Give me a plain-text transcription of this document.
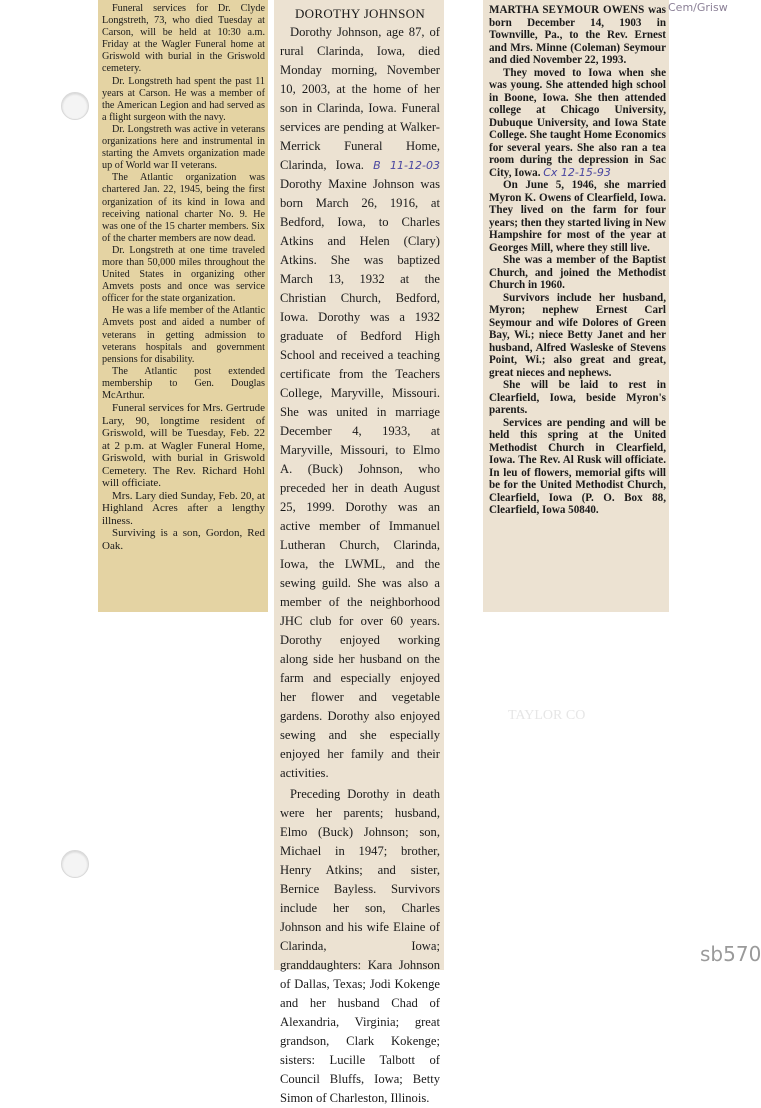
TAYLOR CO

Funeral services for Dr. Clyde Longstreth, 73, who died Tuesday at Carson, will be held at 10:30 a.m. Friday at the Wagler Funeral home at Griswold with burial in the Griswold cemetery.

Dr. Longstreth had spent the past 11 years at Carson. He was a member of the American Legion and had served as a flight surgeon with the navy.

Dr. Longstreth was active in veterans organizations here and instrumental in starting the Amvets organization made up of World war II veterans.

The Atlantic organization was chartered Jan. 22, 1945, being the first organization of its kind in Iowa and receiving national charter No. 9. He was one of the 15 charter members. Six of the charter members are now dead.

Dr. Longstreth at one time traveled more than 50,000 miles throughout the United States in organizing other Amvets posts and once was service officer for the state organization.

He was a life member of the Atlantic Amvets post and aided a number of veterans in getting admission to veterans hospitals and government pensions for disability.

The Atlantic post extended membership to Gen. Douglas McArthur.

Funeral services for Mrs. Gertrude Lary, 90, longtime resident of Griswold, will be Tuesday, Feb. 22 at 2 p.m. at Wagler Funeral Home, Griswold, with burial in Griswold Cemetery. The Rev. Richard Hohl will officiate.

Mrs. Lary died Sunday, Feb. 20, at Highland Acres after a lengthy illness.

Surviving is a son, Gordon, Red Oak.

DOROTHY JOHNSON

Dorothy Johnson, age 87, of rural Clarinda, Iowa, died Monday morning, November 10, 2003, at the home of her son in Clarinda, Iowa. Funeral services are pending at Walker-Merrick Funeral Home, Clarinda, Iowa. B 11-12-03 Dorothy Maxine Johnson was born March 26, 1916, at Bedford, Iowa, to Charles Atkins and Helen (Clary) Atkins. She was baptized March 13, 1932 at the Christian Church, Bedford, Iowa. Dorothy was a 1932 graduate of Bedford High School and received a teaching certificate from the Teachers College, Maryville, Missouri. She was united in marriage December 4, 1933, at Maryville, Missouri, to Elmo A. (Buck) Johnson, who preceded her in death August 25, 1999. Dorothy was an active member of Immanuel Lutheran Church, Clarinda, Iowa, the LWML, and the sewing guild. She was also a member of the neighborhood JHC club for over 60 years. Dorothy enjoyed working along side her husband on the farm and especially enjoyed her flower and vegetable gardens. Dorothy also enjoyed sewing and she especially enjoyed her family and their activities.

Preceding Dorothy in death were her parents; husband, Elmo (Buck) Johnson; son, Michael in 1947; brother, Henry Atkins; and sister, Bernice Bayless. Survivors include her son, Charles Johnson and his wife Elaine of Clarinda, Iowa; granddaughters: Kara Johnson of Dallas, Texas; Jodi Kokenge and her husband Chad of Alexandria, Virginia; great grandson, Clark Kokenge; sisters: Lucille Talbott of Council Bluffs, Iowa; Betty Simon of Charleston, Illinois.

MARTHA SEYMOUR OWENS was born December 14, 1903 in Townville, Pa., to the Rev. Ernest and Mrs. Minne (Coleman) Seymour and died November 22, 1993.

They moved to Iowa when she was young. She attended high school in Boone, Iowa. She then attended college at Chicago University, Dubuque University, and Iowa State College. She taught Home Economics for several years. She also ran a tea room during the depression in Sac City, Iowa. Cx 12-15-93

On June 5, 1946, she married Myron K. Owens of Clearfield, Iowa. They lived on the farm for four years; then they started living in New Hampshire for most of the year at Georges Mill, where they still live.

She was a member of the Baptist Church, and joined the Methodist Church in 1960.

Survivors include her husband, Myron; nephew Ernest Carl Seymour and wife Dolores of Green Bay, Wi.; niece Betty Janet and her husband, Alfred Wasleske of Stevens Point, Wi.; also great and great, great nieces and nephews.

She will be laid to rest in Clearfield, Iowa, beside Myron's parents.

Services are pending and will be held this spring at the United Methodist Church in Clearfield, Iowa. The Rev. Al Rusk will officiate. In leu of flowers, memorial gifts will be for the United Methodist Church, Clearfield, Iowa (P. O. Box 88, Clearfield, Iowa 50840.

Cem/Grisw
sb570
